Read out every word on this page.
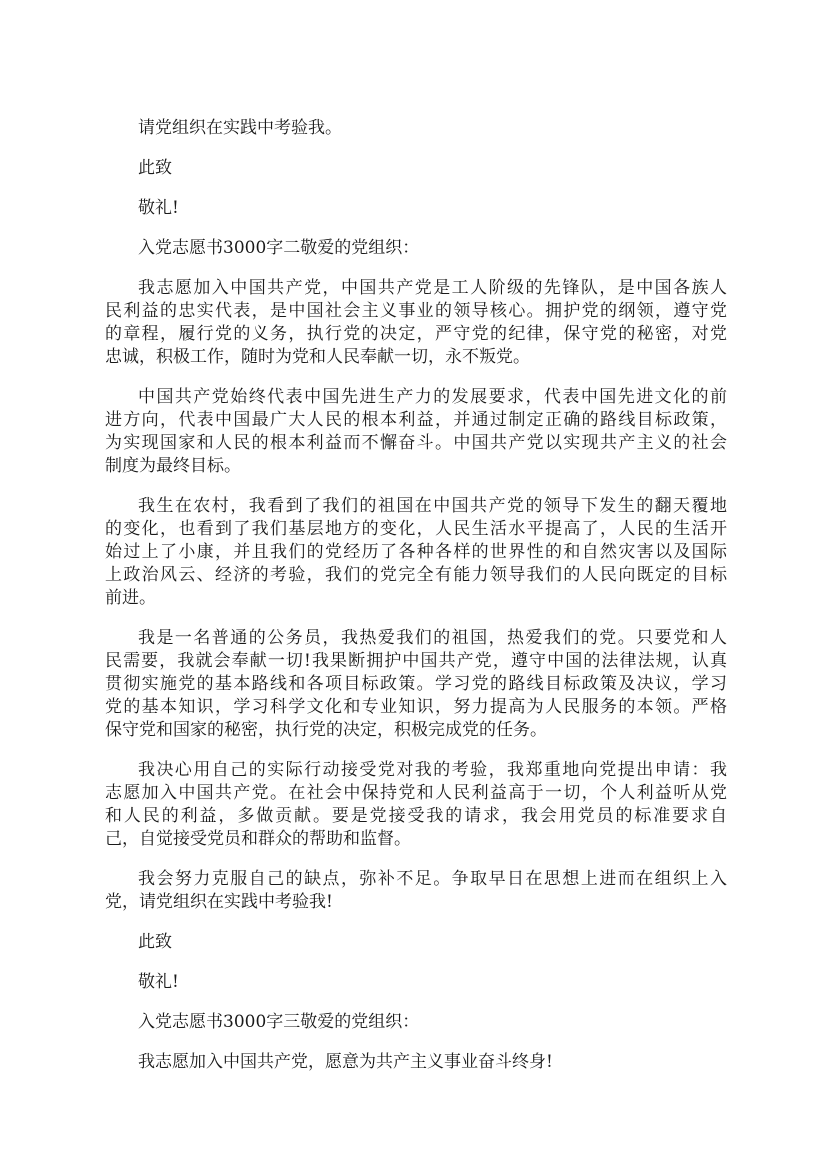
请党组织在实践中考验我。
此致
敬礼!
入党志愿书3000字二敬爱的党组织：
我志愿加入中国共产党，中国共产党是工人阶级的先锋队，是中国各族人
民利益的忠实代表，是中国社会主义事业的领导核心。拥护党的纲领，遵守党
的章程，履行党的义务，执行党的决定，严守党的纪律，保守党的秘密，对党
忠诚，积极工作，随时为党和人民奉献一切，永不叛党。
中国共产党始终代表中国先进生产力的发展要求，代表中国先进文化的前
进方向，代表中国最广大人民的根本利益，并通过制定正确的路线目标政策，
为实现国家和人民的根本利益而不懈奋斗。中国共产党以实现共产主义的社会
制度为最终目标。
我生在农村，我看到了我们的祖国在中国共产党的领导下发生的翻天覆地
的变化，也看到了我们基层地方的变化，人民生活水平提高了，人民的生活开
始过上了小康，并且我们的党经历了各种各样的世界性的和自然灾害以及国际
上政治风云、经济的考验，我们的党完全有能力领导我们的人民向既定的目标
前进。
我是一名普通的公务员，我热爱我们的祖国，热爱我们的党。只要党和人
民需要，我就会奉献一切!我果断拥护中国共产党，遵守中国的法律法规，认真
贯彻实施党的基本路线和各项目标政策。学习党的路线目标政策及决议，学习
党的基本知识，学习科学文化和专业知识，努力提高为人民服务的本领。严格
保守党和国家的秘密，执行党的决定，积极完成党的任务。
我决心用自己的实际行动接受党对我的考验，我郑重地向党提出申请：我
志愿加入中国共产党。在社会中保持党和人民利益高于一切，个人利益听从党
和人民的利益，多做贡献。要是党接受我的请求，我会用党员的标准要求自
己，自觉接受党员和群众的帮助和监督。
我会努力克服自己的缺点，弥补不足。争取早日在思想上进而在组织上入
党，请党组织在实践中考验我!
此致
敬礼!
入党志愿书3000字三敬爱的党组织：
我志愿加入中国共产党，愿意为共产主义事业奋斗终身!
